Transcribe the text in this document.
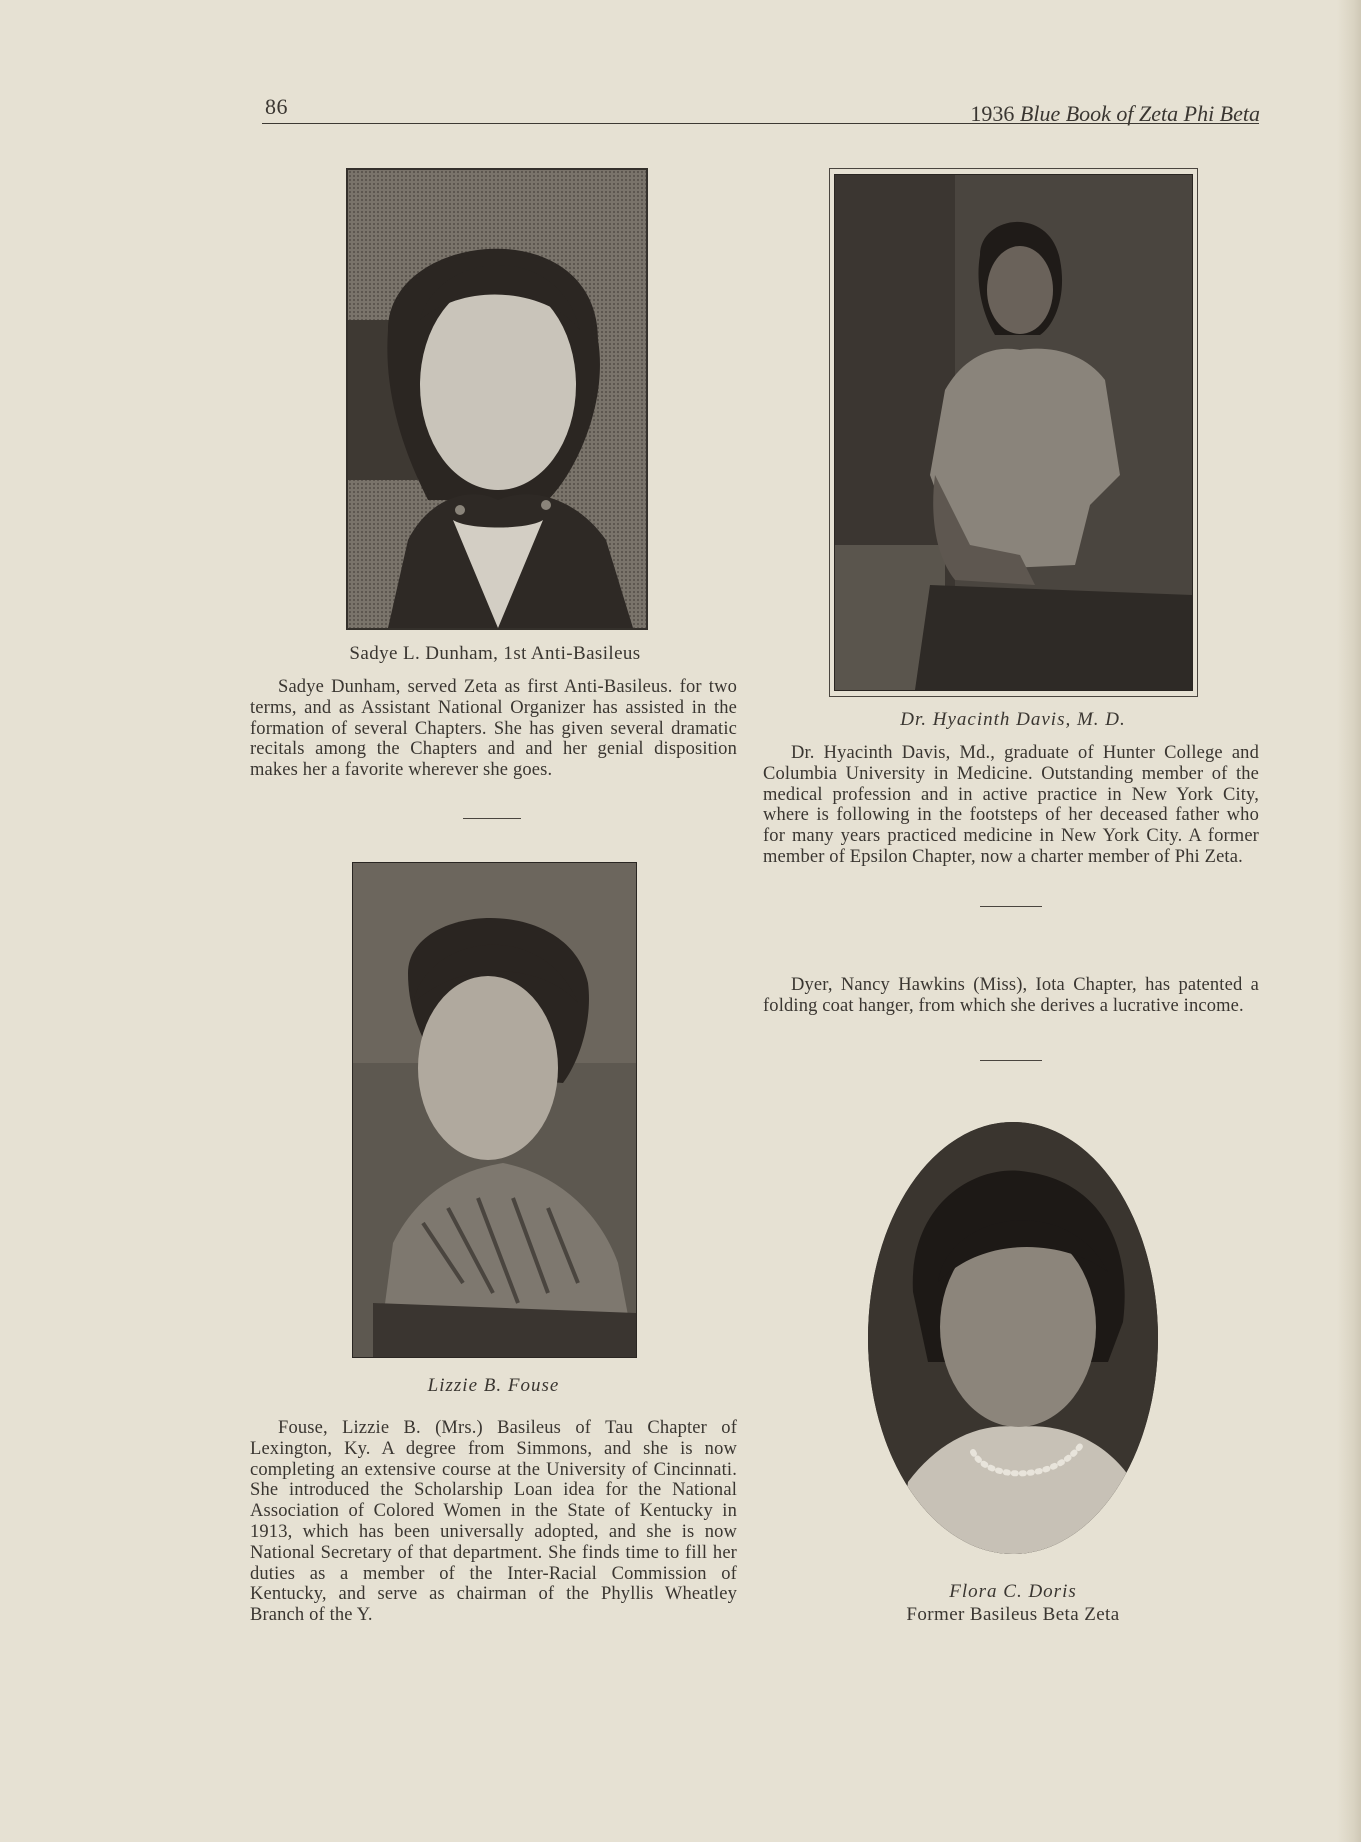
86	1936 Blue Book of Zeta Phi Beta
Sadye L. Dunham, 1st Anti-Basileus

Sadye Dunham, served Zeta as first Anti-Basileus. for two terms, and as Assistant National Organizer has assisted in the formation of several Chapters. She has given several dramatic recitals among the Chapters and and her genial disposition makes her a favorite wherever she goes.

Dr. Hyacinth Davis, M. D.

Dr. Hyacinth Davis, Md., graduate of Hunter College and Columbia University in Medicine. Outstanding member of the medical profession and in active practice in New York City, where is following in the footsteps of her deceased father who for many years practiced medicine in New York City. A former member of Epsilon Chapter, now a charter member of Phi Zeta.

Dyer, Nancy Hawkins (Miss), Iota Chapter, has patented a folding coat hanger, from which she derives a lucrative income.

Lizzie B. Fouse

Fouse, Lizzie B. (Mrs.) Basileus of Tau Chapter of Lexington, Ky. A degree from Simmons, and she is now completing an extensive course at the University of Cincinnati. She introduced the Scholarship Loan idea for the National Association of Colored Women in the State of Kentucky in 1913, which has been universally adopted, and she is now National Secretary of that department. She finds time to fill her duties as a member of the Inter-Racial Commission of Kentucky, and serve as chairman of the Phyllis Wheatley Branch of the Y.

Flora C. Doris
Former Basileus Beta Zeta
